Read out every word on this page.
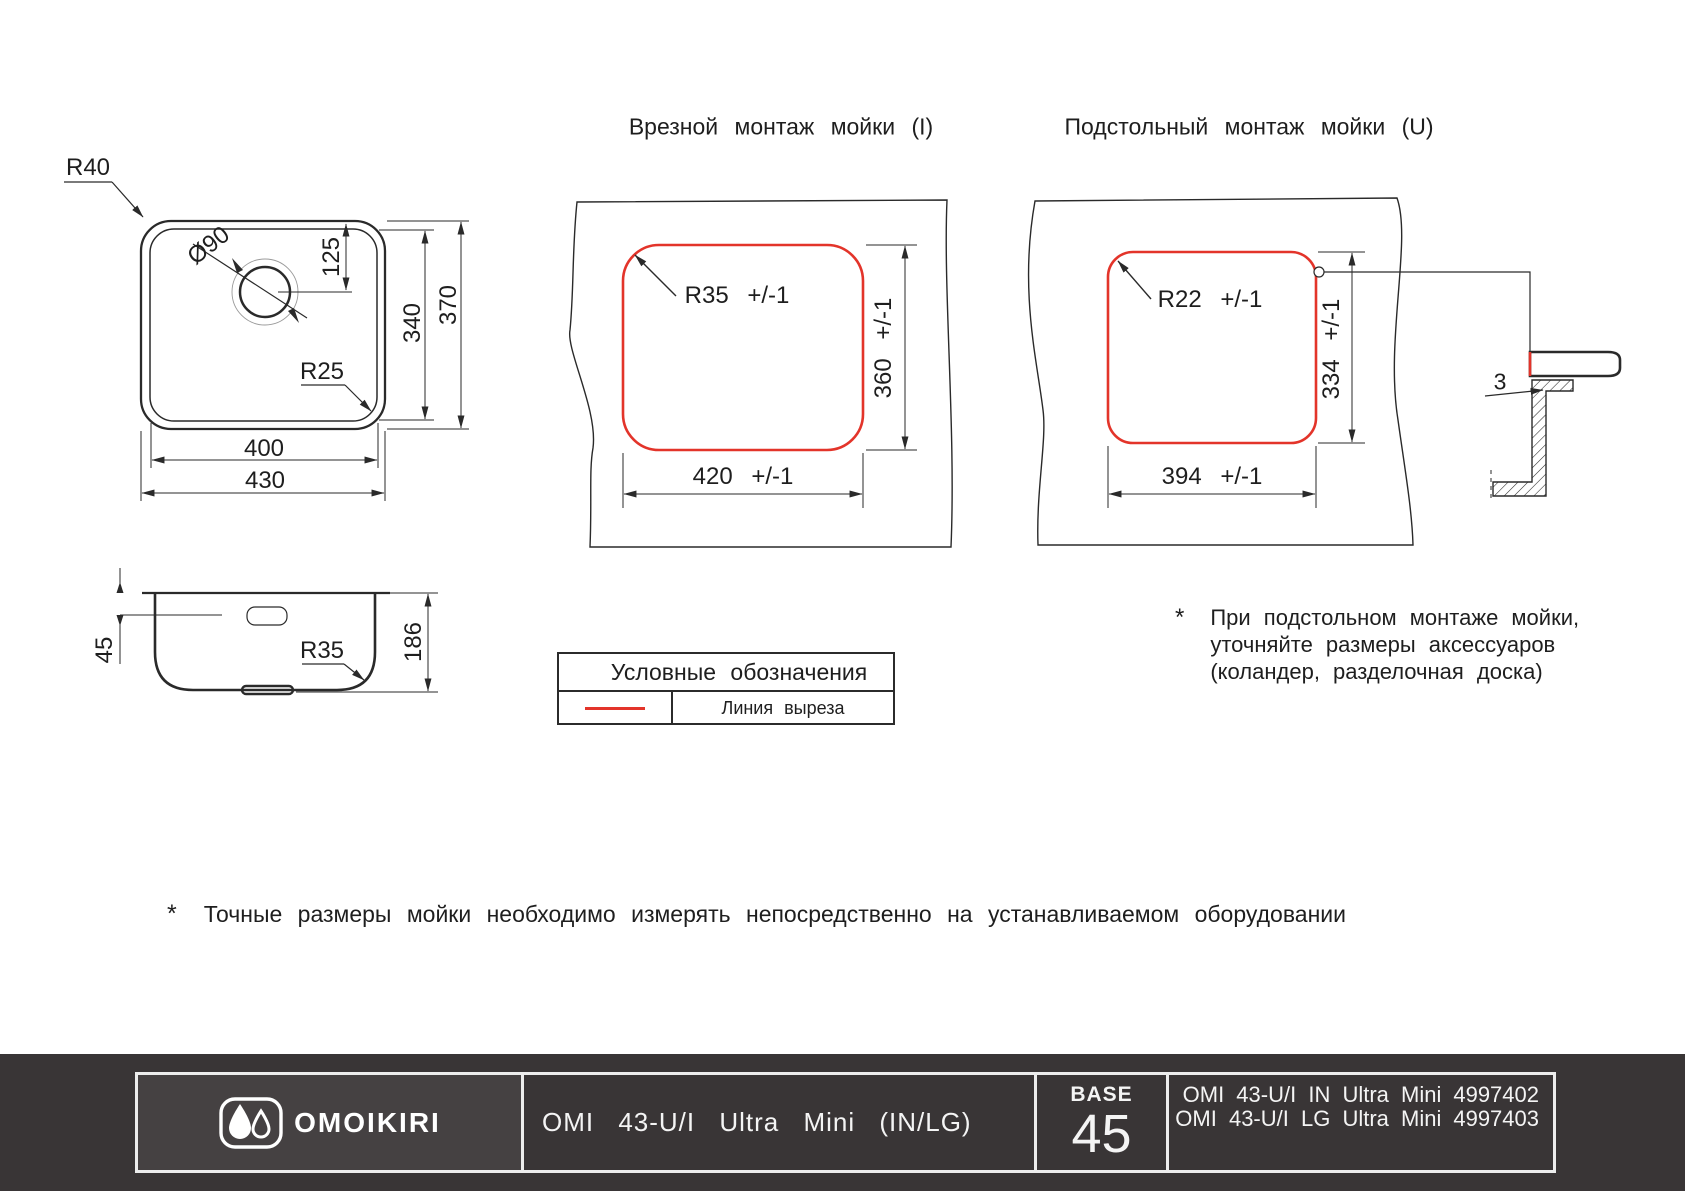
Врезной монтаж мойки (I)	Подстольный монтаж мойки (U)
R40
Ø90	125
340 370
R25
400
430
45	R35 186
R35 +/-1
360 +/-1
420 +/-1
R22 +/-1 334 +/-1
394 +/-1
3
Условные обозначения
Линия выреза
* При подстольном монтаже мойки,
уточняйте размеры аксессуаров
(коландер, разделочная доска)
* Точные размеры мойки необходимо измерять непосредственно на устанавливаемом оборудовании
OMOIKIRI	OMI 43-U/I Ultra Mini (IN/LG)
BASE
45
OMI 43-U/I IN Ultra Mini 4997402
OMI 43-U/I LG Ultra Mini 4997403
